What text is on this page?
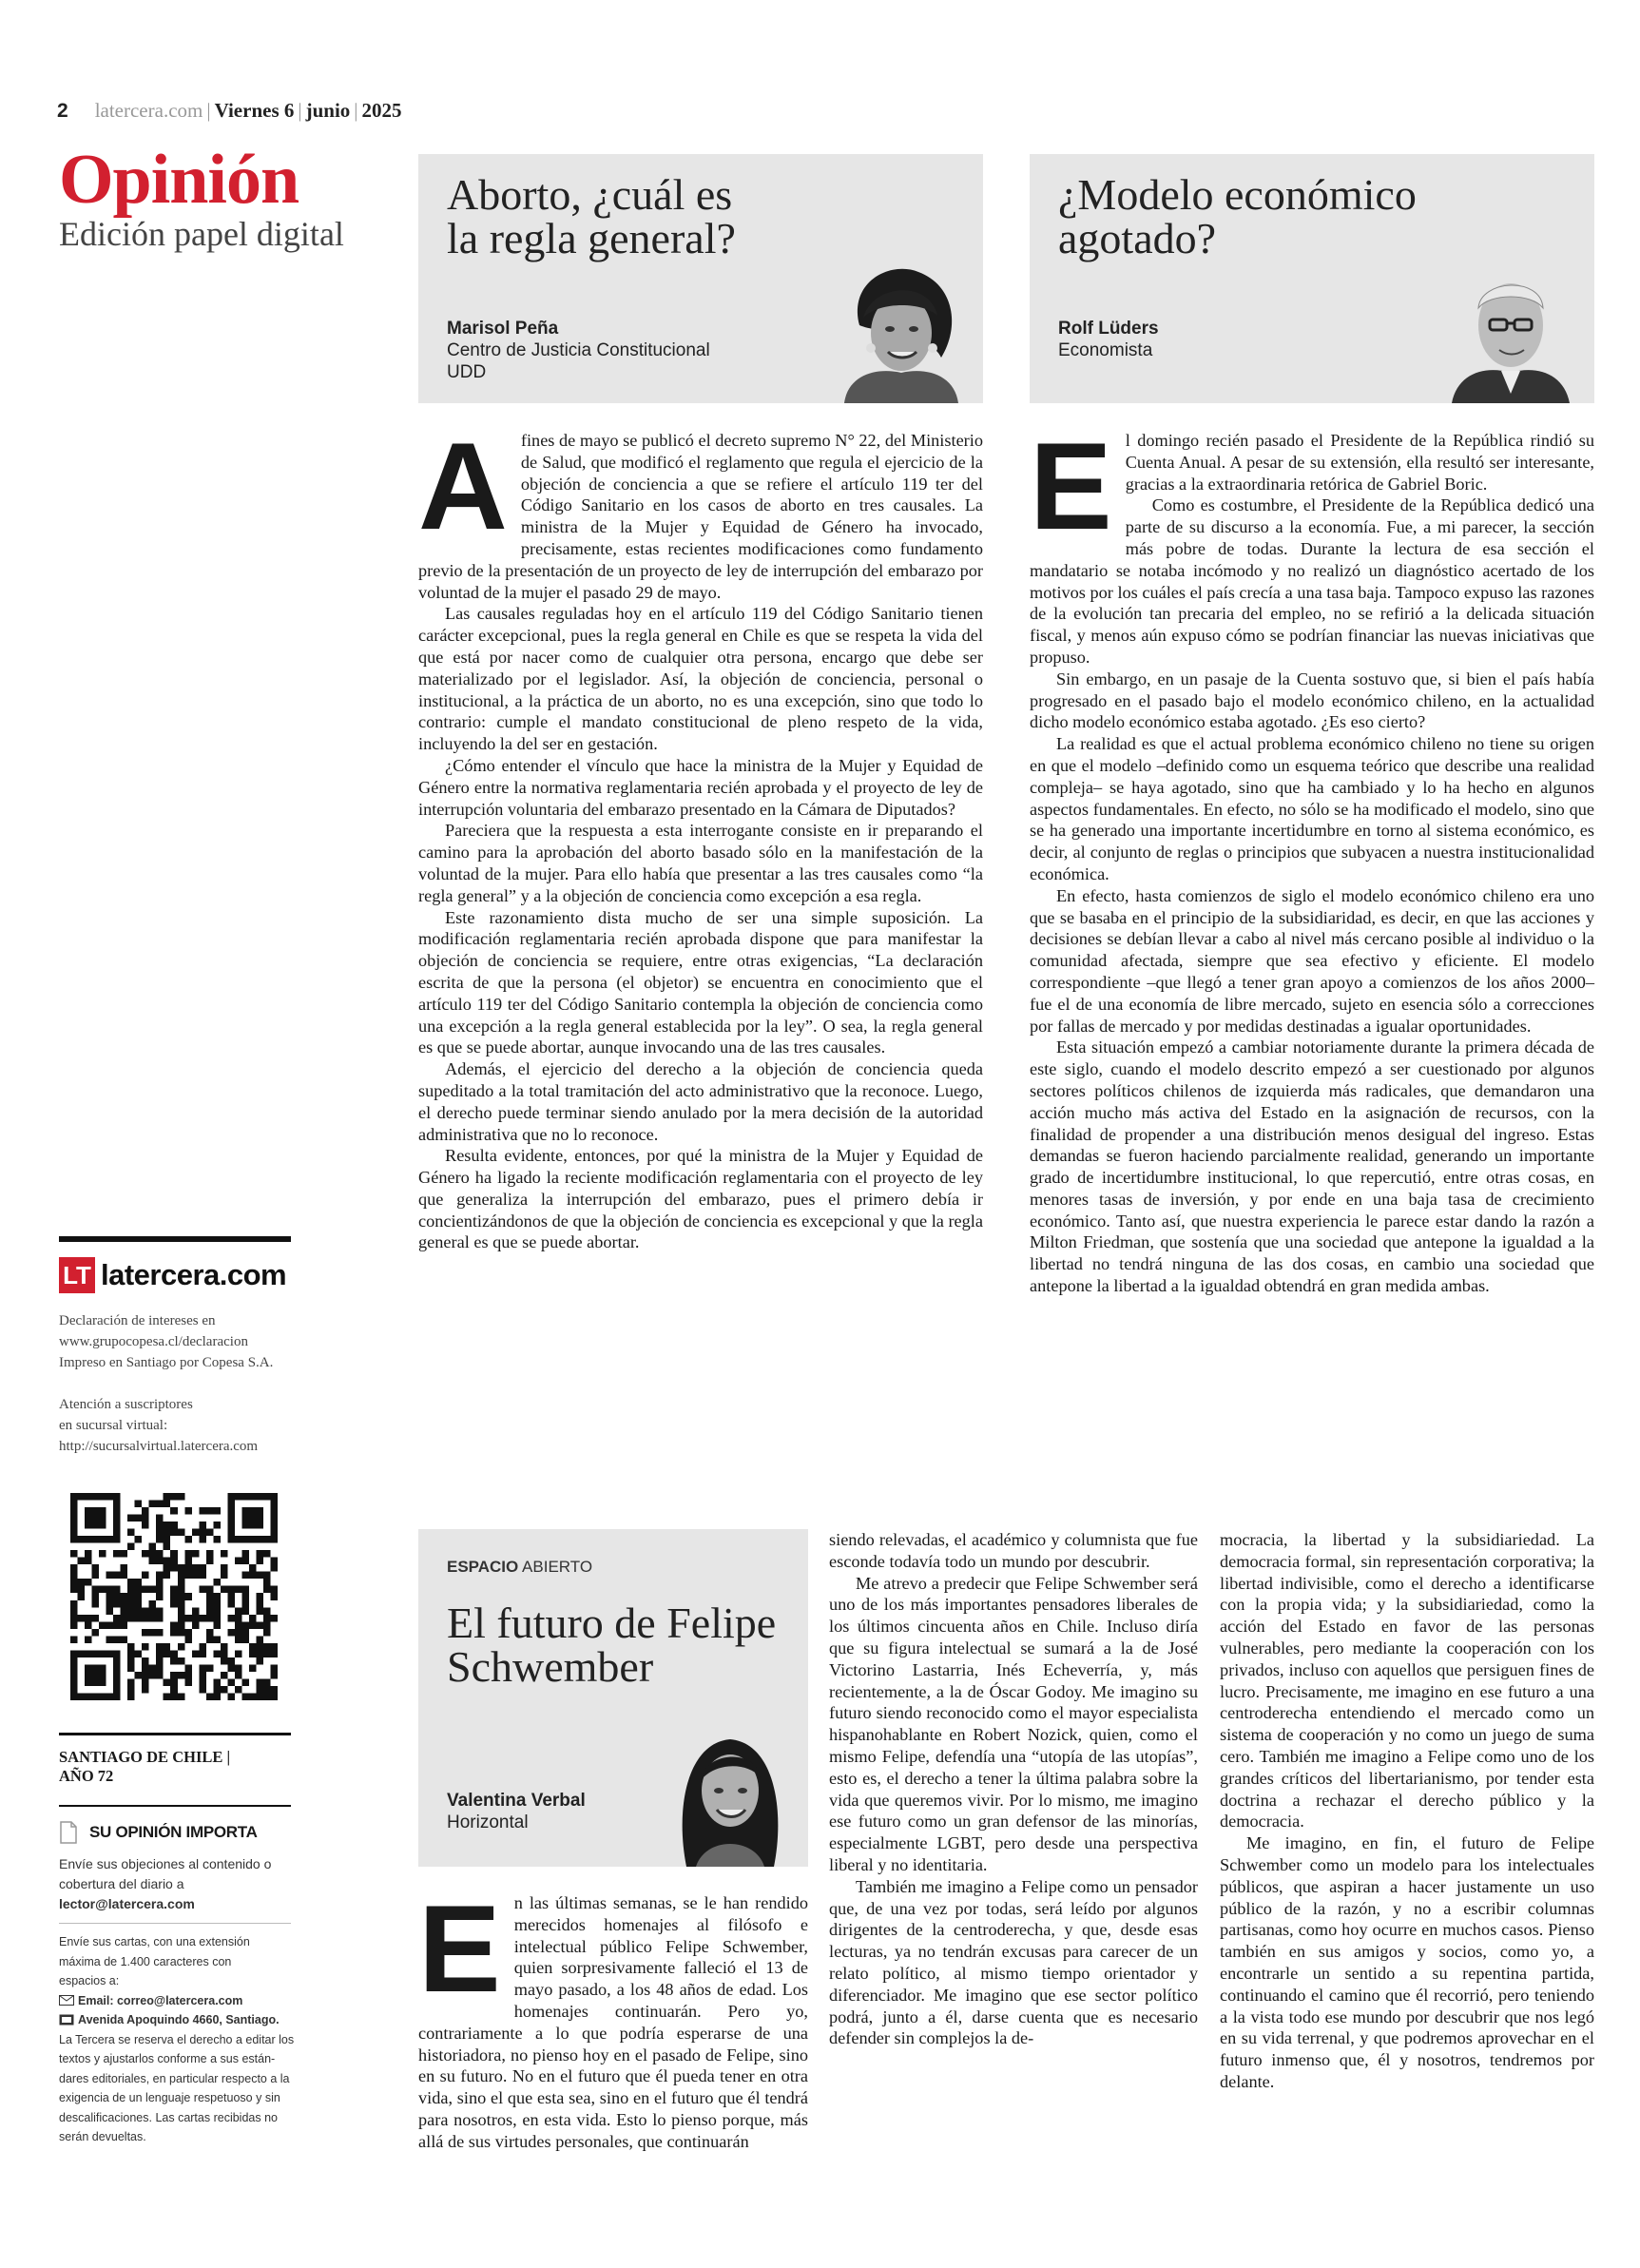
2 latercera.com | Viernes 6 | junio | 2025
Opinión
Edición papel digital
Aborto, ¿cuál es
la regla general?
Marisol Peña
Centro de Justicia Constitucional
UDD
¿Modelo económico
agotado?
Rolf Lüders
Economista
A fines de mayo se publicó el decreto supremo N° 22, del Ministerio de Salud, que modificó el reglamento que regula el ejercicio de la objeción de conciencia a que se refiere el artículo 119 ter del Código Sanitario en los casos de aborto en tres causales. La ministra de la Mujer y Equidad de Género ha invocado, precisamente, estas recientes modificaciones como fundamento previo de la presentación de un proyecto de ley de interrupción del embarazo por voluntad de la mujer el pasado 29 de mayo.

Las causales reguladas hoy en el artículo 119 del Código Sanitario tienen carácter excepcional, pues la regla general en Chile es que se respeta la vida del que está por nacer como de cualquier otra persona, encargo que debe ser materializado por el legislador. Así, la objeción de conciencia, personal o institucional, a la práctica de un aborto, no es una excepción, sino que todo lo contrario: cumple el mandato constitucional de pleno respeto de la vida, incluyendo la del ser en gestación.

¿Cómo entender el vínculo que hace la ministra de la Mujer y Equidad de Género entre la normativa reglamentaria recién aprobada y el proyecto de ley de interrupción voluntaria del embarazo presentado en la Cámara de Diputados?

Pareciera que la respuesta a esta interrogante consiste en ir preparando el camino para la aprobación del aborto basado sólo en la manifestación de la voluntad de la mujer. Para ello había que presentar a las tres causales como “la regla general” y a la objeción de conciencia como excepción a esa regla.

Este razonamiento dista mucho de ser una simple suposición. La modificación reglamentaria recién aprobada dispone que para manifestar la objeción de conciencia se requiere, entre otras exigencias, “La declaración escrita de que la persona (el objetor) se encuentra en conocimiento que el artículo 119 ter del Código Sanitario contempla la objeción de conciencia como una excepción a la regla general establecida por la ley”. O sea, la regla general es que se puede abortar, aunque invocando una de las tres causales.

Además, el ejercicio del derecho a la objeción de conciencia queda supeditado a la total tramitación del acto administrativo que la reconoce. Luego, el derecho puede terminar siendo anulado por la mera decisión de la autoridad administrativa que no lo reconoce.

Resulta evidente, entonces, por qué la ministra de la Mujer y Equidad de Género ha ligado la reciente modificación reglamentaria con el proyecto de ley que generaliza la interrupción del embarazo, pues el primero debía ir concientizándonos de que la objeción de conciencia es excepcional y que la regla general es que se puede abortar.

E l domingo recién pasado el Presidente de la República rindió su Cuenta Anual. A pesar de su extensión, ella resultó ser interesante, gracias a la extraordinaria retórica de Gabriel Boric.

Como es costumbre, el Presidente de la República dedicó una parte de su discurso a la economía. Fue, a mi parecer, la sección más pobre de todas. Durante la lectura de esa sección el mandatario se notaba incómodo y no realizó un diagnóstico acertado de los motivos por los cuáles el país crecía a una tasa baja. Tampoco expuso las razones de la evolución tan precaria del empleo, no se refirió a la delicada situación fiscal, y menos aún expuso cómo se podrían financiar las nuevas iniciativas que propuso.

Sin embargo, en un pasaje de la Cuenta sostuvo que, si bien el país había progresado en el pasado bajo el modelo económico chileno, en la actualidad dicho modelo económico estaba agotado. ¿Es eso cierto?

La realidad es que el actual problema económico chileno no tiene su origen en que el modelo –definido como un esquema teórico que describe una realidad compleja– se haya agotado, sino que ha cambiado y lo ha hecho en algunos aspectos fundamentales. En efecto, no sólo se ha modificado el modelo, sino que se ha generado una importante incertidumbre en torno al sistema económico, es decir, al conjunto de reglas o principios que subyacen a nuestra institucionalidad económica.

En efecto, hasta comienzos de siglo el modelo económico chileno era uno que se basaba en el principio de la subsidiaridad, es decir, en que las acciones y decisiones se debían llevar a cabo al nivel más cercano posible al individuo o la comunidad afectada, siempre que sea efectivo y eficiente. El modelo correspondiente –que llegó a tener gran apoyo a comienzos de los años 2000– fue el de una economía de libre mercado, sujeto en esencia sólo a correcciones por fallas de mercado y por medidas destinadas a igualar oportunidades.

Esta situación empezó a cambiar notoriamente durante la primera década de este siglo, cuando el modelo descrito empezó a ser cuestionado por algunos sectores políticos chilenos de izquierda más radicales, que demandaron una acción mucho más activa del Estado en la asignación de recursos, con la finalidad de propender a una distribución menos desigual del ingreso. Estas demandas se fueron haciendo parcialmente realidad, generando un importante grado de incertidumbre institucional, lo que repercutió, entre otras cosas, en menores tasas de inversión, y por ende en una baja tasa de crecimiento económico. Tanto así, que nuestra experiencia le parece estar dando la razón a Milton Friedman, que sostenía que una sociedad que antepone la igualdad a la libertad no tendrá ninguna de las dos cosas, en cambio una sociedad que antepone la libertad a la igualdad obtendrá en gran medida ambas.

ESPACIO ABIERTO
El futuro de Felipe
Schwember
Valentina Verbal
Horizontal
E n las últimas semanas, se le han rendido merecidos homenajes al filósofo e intelectual público Felipe Schwember, quien sorpresivamente falleció el 13 de mayo pasado, a los 48 años de edad. Los homenajes continuarán. Pero yo, contrariamente a lo que podría esperarse de una historiadora, no pienso hoy en el pasado de Felipe, sino en su futuro. No en el futuro que él pueda tener en otra vida, sino el que esta sea, sino en el futuro que él tendrá para nosotros, en esta vida. Esto lo pienso porque, más allá de sus virtudes personales, que continuarán

siendo relevadas, el académico y columnista que fue esconde todavía todo un mundo por descubrir.

Me atrevo a predecir que Felipe Schwember será uno de los más importantes pensadores liberales de los últimos cincuenta años en Chile. Incluso diría que su figura intelectual se sumará a la de José Victorino Lastarria, Inés Echeverría, y, más recientemente, a la de Óscar Godoy. Me imagino su futuro siendo reconocido como el mayor especialista hispanohablante en Robert Nozick, quien, como el mismo Felipe, defendía una “utopía de las utopías”, esto es, el derecho a tener la última palabra sobre la vida que queremos vivir. Por lo mismo, me imagino ese futuro como un gran defensor de las minorías, especialmente LGBT, pero desde una perspectiva liberal y no identitaria.

También me imagino a Felipe como un pensador que, de una vez por todas, será leído por algunos dirigentes de la centroderecha, y que, desde esas lecturas, ya no tendrán excusas para carecer de un relato político, al mismo tiempo orientador y diferenciador. Me imagino que ese sector político podrá, junto a él, darse cuenta que es necesario defender sin complejos la de-

mocracia, la libertad y la subsidiariedad. La democracia formal, sin representación corporativa; la libertad indivisible, como el derecho a identificarse con la propia vida; y la subsidiariedad, como la acción del Estado en favor de las personas vulnerables, pero mediante la cooperación con los privados, incluso con aquellos que persiguen fines de lucro. Precisamente, me imagino en ese futuro a una centroderecha entendiendo el mercado como un sistema de cooperación y no como un juego de suma cero. También me imagino a Felipe como uno de los grandes críticos del libertarianismo, por tender esta doctrina a rechazar el derecho público y la democracia.

Me imagino, en fin, el futuro de Felipe Schwember como un modelo para los intelectuales públicos, que aspiran a hacer justamente un uso público de la razón, y no a escribir columnas partisanas, como hoy ocurre en muchos casos. Pienso también en sus amigos y socios, como yo, a encontrarle un sentido a su repentina partida, continuando el camino que él recorrió, pero teniendo a la vista todo ese mundo por descubrir que nos legó en su vida terrenal, y que podremos aprovechar en el futuro inmenso que, él y nosotros, tendremos por delante.

LT latercera.com
Declaración de intereses en
www.grupocopesa.cl/declaracion
Impreso en Santiago por Copesa S.A.
Atención a suscriptores
en sucursal virtual:
http://sucursalvirtual.latercera.com
SANTIAGO DE CHILE |
AÑO 72
SU OPINIÓN IMPORTA
Envíe sus objeciones al contenido o
cobertura del diario a
lector@latercera.com
Envíe sus cartas, con una extensión
máxima de 1.400 caracteres con
espacios a:
Email: correo@latercera.com
Avenida Apoquindo 4660, Santiago.
La Tercera se reserva el derecho a editar los
textos y ajustarlos conforme a sus están-
dares editoriales, en particular respecto a la
exigencia de un lenguaje respetuoso y sin
descalificaciones. Las cartas recibidas no
serán devueltas.
